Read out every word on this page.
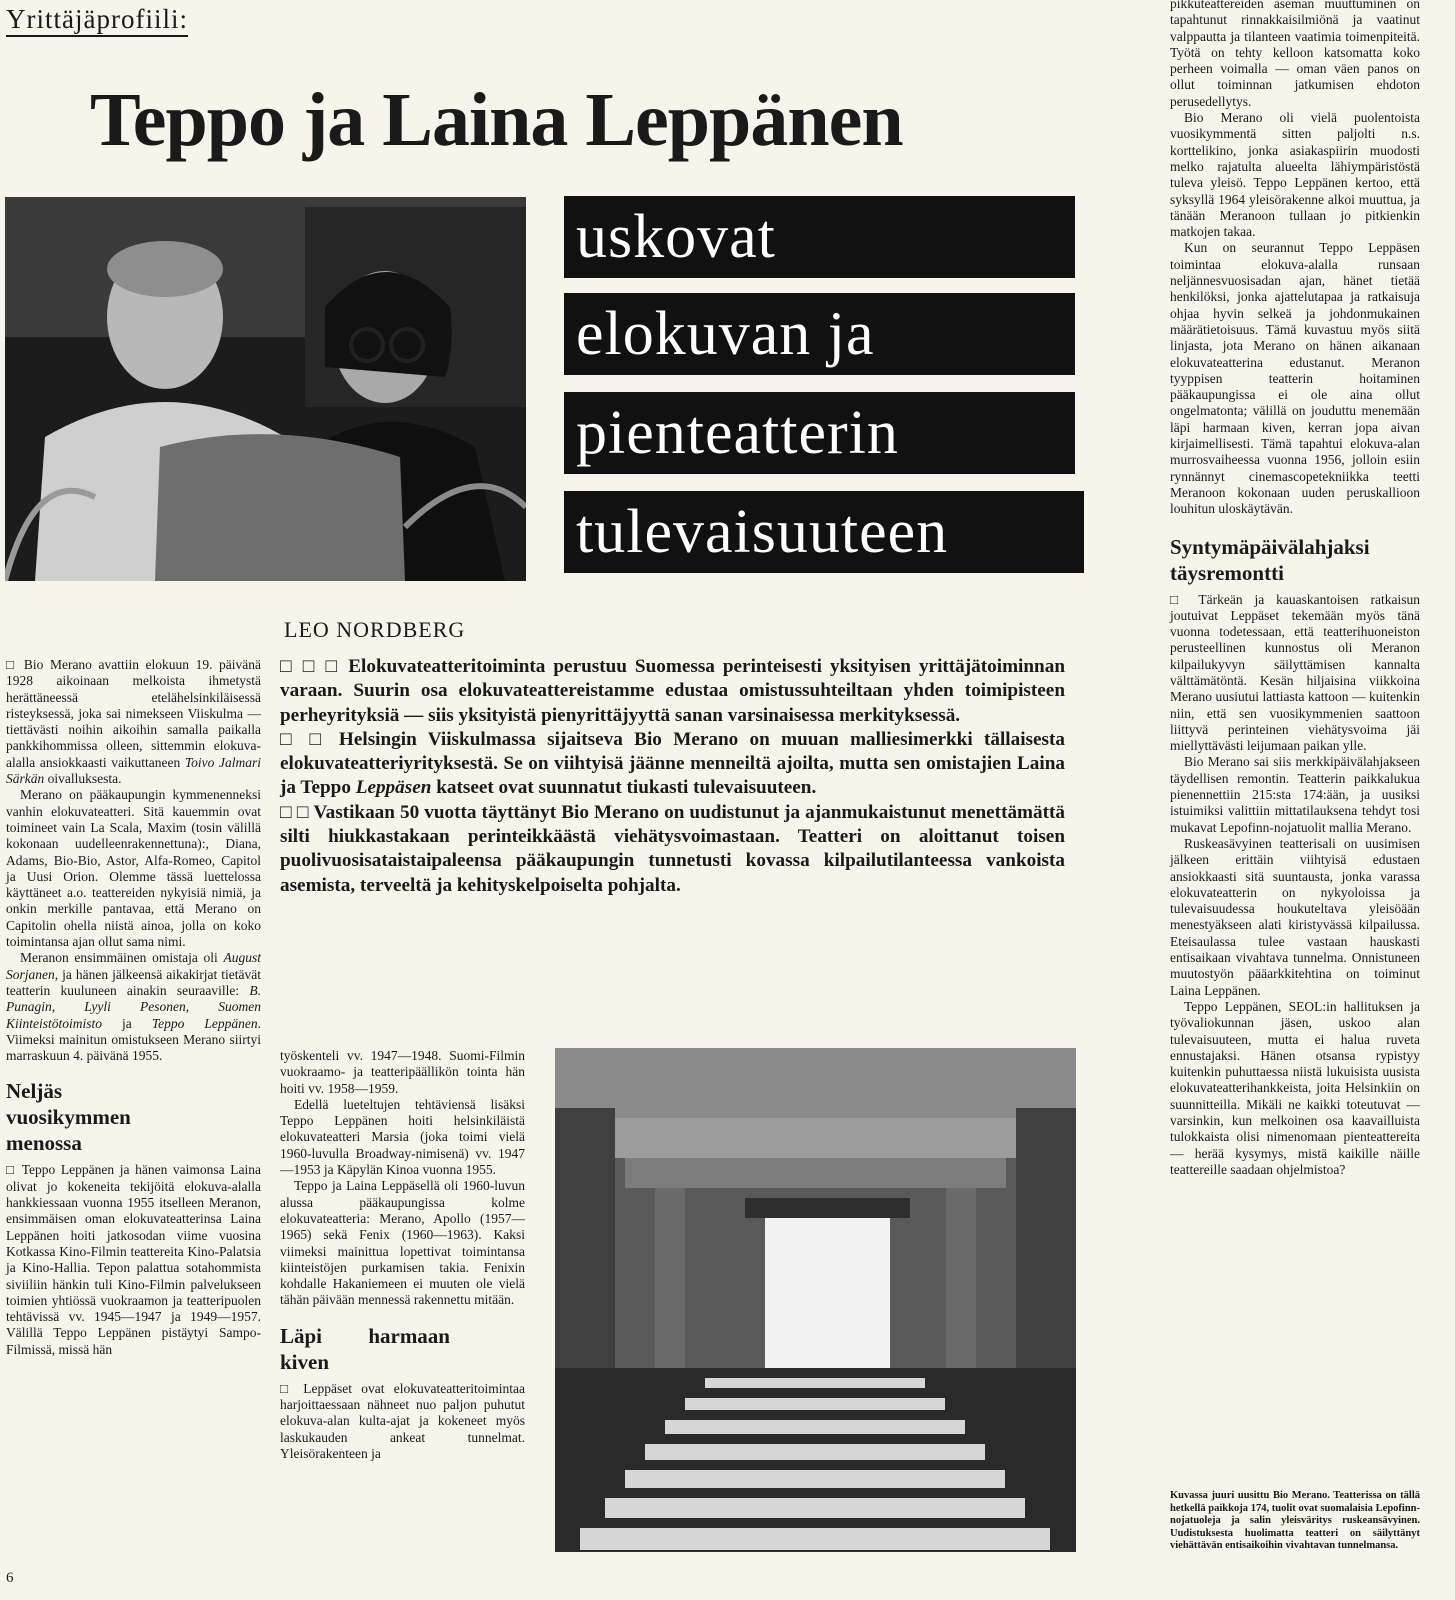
Yrittäjäprofiili:
Teppo ja Laina Leppänen
uskovat
elokuvan ja
pienteatterin
tulevaisuuteen
LEO NORDBERG

□ □ □ Elokuvateatteritoiminta perustuu Suomessa perinteisesti yksityisen yrittäjätoiminnan varaan. Suurin osa elokuvateattereistamme edustaa omistussuhteiltaan yhden toimipisteen perheyrityksiä — siis yksityistä pienyrittäjyyttä sanan varsinaisessa merkityksessä.

□ □ Helsingin Viiskulmassa sijaitseva Bio Merano on muuan malliesimerkki tällaisesta elokuvateatteriyrityksestä. Se on viihtyisä jäänne menneiltä ajoilta, mutta sen omistajien Laina ja Teppo Leppäsen katseet ovat suunnatut tiukasti tulevaisuuteen.

□ □ Vastikaan 50 vuotta täyttänyt Bio Merano on uudistunut ja ajanmukaistunut menettämättä silti hiukkastakaan perinteikkäästä viehätysvoimastaan. Teatteri on aloittanut toisen puolivuosisataistaipaleensa pääkaupungin tunnetusti kovassa kilpailutilanteessa vankoista asemista, terveeltä ja kehityskelpoiselta pohjalta.

□ Bio Merano avattiin elokuun 19. päivänä 1928 aikoinaan melkoista ihmetystä herättäneessä etelähelsinkiläisessä risteyksessä, joka sai nimekseen Viiskulma — tiettävästi noihin aikoihin samalla paikalla pankkihommissa olleen, sittemmin elokuva-alalla ansiokkaasti vaikuttaneen Toivo Jalmari Särkän oivalluksesta.

Merano on pääkaupungin kymmenenneksi vanhin elokuvateatteri. Sitä kauemmin ovat toimineet vain La Scala, Maxim (tosin välillä kokonaan uudelleenrakennettuna):, Diana, Adams, Bio-Bio, Astor, Alfa-Romeo, Capitol ja Uusi Orion. Olemme tässä luettelossa käyttäneet a.o. teattereiden nykyisiä nimiä, ja onkin merkille pantavaa, että Merano on Capitolin ohella niistä ainoa, jolla on koko toimintansa ajan ollut sama nimi.

Meranon ensimmäinen omistaja oli August Sorjanen, ja hänen jälkeensä aikakirjat tietävät teatterin kuuluneen ainakin seuraaville: B. Punagin, Lyyli Pesonen, Suomen Kiinteistötoimisto ja Teppo Leppänen. Viimeksi mainitun omistukseen Merano siirtyi marraskuun 4. päivänä 1955.

Neljäs vuosikymmen menossa

□ Teppo Leppänen ja hänen vaimonsa Laina olivat jo kokeneita tekijöitä elokuva-alalla hankkiessaan vuonna 1955 itselleen Meranon, ensimmäisen oman elokuvateatterinsa Laina Leppänen hoiti jatkosodan viime vuosina Kotkassa Kino-Filmin teattereita Kino-Palatsia ja Kino-Hallia. Tepon palattua sotahommista siviiliin hänkin tuli Kino-Filmin palvelukseen toimien yhtiössä vuokraamon ja teatteripuolen tehtävissä vv. 1945—1947 ja 1949—1957. Välillä Teppo Leppänen pistäytyi Sampo-Filmissä, missä hän

työskenteli vv. 1947—1948. Suomi-Filmin vuokraamo- ja teatteripäällikön tointa hän hoiti vv. 1958—1959.

Edellä lueteltujen tehtäviensä lisäksi Teppo Leppänen hoiti helsinkiläistä elokuvateatteri Marsia (joka toimi vielä 1960-luvulla Broadway-nimisenä) vv. 1947—1953 ja Käpylän Kinoa vuonna 1955.

Teppo ja Laina Leppäsellä oli 1960-luvun alussa pääkaupungissa kolme elokuvateatteria: Merano, Apollo (1957—1965) sekä Fenix (1960—1963). Kaksi viimeksi mainittua lopettivat toimintansa kiinteistöjen purkamisen takia. Fenixin kohdalle Hakaniemeen ei muuten ole vielä tähän päivään mennessä rakennettu mitään.

Läpi harmaan kiven

□ Leppäset ovat elokuvateatteritoimintaa harjoittaessaan nähneet nuo paljon puhutut elokuva-alan kulta-ajat ja kokeneet myös laskukauden ankeat tunnelmat. Yleisörakenteen ja

pikkuteattereiden aseman muuttuminen on tapahtunut rinnakkaisilmiönä ja vaatinut valppautta ja tilanteen vaatimia toimenpiteitä. Työtä on tehty kelloon katsomatta koko perheen voimalla — oman väen panos on ollut toiminnan jatkumisen ehdoton perusedellytys.

Bio Merano oli vielä puolentoista vuosikymmentä sitten paljolti n.s. korttelikino, jonka asiakaspiirin muodosti melko rajatulta alueelta lähiympäristöstä tuleva yleisö. Teppo Leppänen kertoo, että syksyllä 1964 yleisörakenne alkoi muuttua, ja tänään Meranoon tullaan jo pitkienkin matkojen takaa.

Kun on seurannut Teppo Leppäsen toimintaa elokuva-alalla runsaan neljännesvuosisadan ajan, hänet tietää henkilöksi, jonka ajattelutapaa ja ratkaisuja ohjaa hyvin selkeä ja johdonmukainen määrätietoisuus. Tämä kuvastuu myös siitä linjasta, jota Merano on hänen aikanaan elokuvateatterina edustanut. Meranon tyyppisen teatterin hoitaminen pääkaupungissa ei ole aina ollut ongelmatonta; välillä on jouduttu menemään läpi harmaan kiven, kerran jopa aivan kirjaimellisesti. Tämä tapahtui elokuva-alan murrosvaiheessa vuonna 1956, jolloin esiin rynnännyt cinemascopetekniikka teetti Meranoon kokonaan uuden peruskallioon louhitun uloskäytävän.

Syntymäpäivälahjaksi täysremontti

□ Tärkeän ja kauaskantoisen ratkaisun joutuivat Leppäset tekemään myös tänä vuonna todetessaan, että teatterihuoneiston perusteellinen kunnostus oli Meranon kilpailukyvyn säilyttämisen kannalta välttämätöntä. Kesän hiljaisina viikkoina Merano uusiutui lattiasta kattoon — kuitenkin niin, että sen vuosikymmenien saattoon liittyvä perinteinen viehätysvoima jäi miellyttävästi leijumaan paikan ylle.

Bio Merano sai siis merkkipäivälahjakseen täydellisen remontin. Teatterin paikkalukua pienennettiin 215:sta 174:ään, ja uusiksi istuimiksi valittiin mittatilauksena tehdyt tosi mukavat Lepofinn-nojatuolit mallia Merano.

Ruskeasävyinen teatterisali on uusimisen jälkeen erittäin viihtyisä edustaen ansiokkaasti sitä suuntausta, jonka varassa elokuvateatterin on nykyoloissa ja tulevaisuudessa houkuteltava yleisöään menestyäkseen alati kiristyvässä kilpailussa. Eteisaulassa tulee vastaan hauskasti entisaikaan vivahtava tunnelma. Onnistuneen muutostyön pääarkkitehtina on toiminut Laina Leppänen.

Teppo Leppänen, SEOL:in hallituksen ja työvaliokunnan jäsen, uskoo alan tulevaisuuteen, mutta ei halua ruveta ennustajaksi. Hänen otsansa rypistyy kuitenkin puhuttaessa niistä lukuisista uusista elokuvateatterihankkeista, joita Helsinkiin on suunnitteilla. Mikäli ne kaikki toteutuvat — varsinkin, kun melkoinen osa kaavailluista tulokkaista olisi nimenomaan pienteattereita — herää kysymys, mistä kaikille näille teattereille saadaan ohjelmistoa?

Kuvassa juuri uusittu Bio Merano. Teatterissa on tällä hetkellä paikkoja 174, tuolit ovat suomalaisia Lepofinn-nojatuoleja ja salin yleisväritys ruskeansävyinen. Uudistuksesta huolimatta teatteri on säilyttänyt viehättävän entisaikoihin vivahtavan tunnelmansa.
6
